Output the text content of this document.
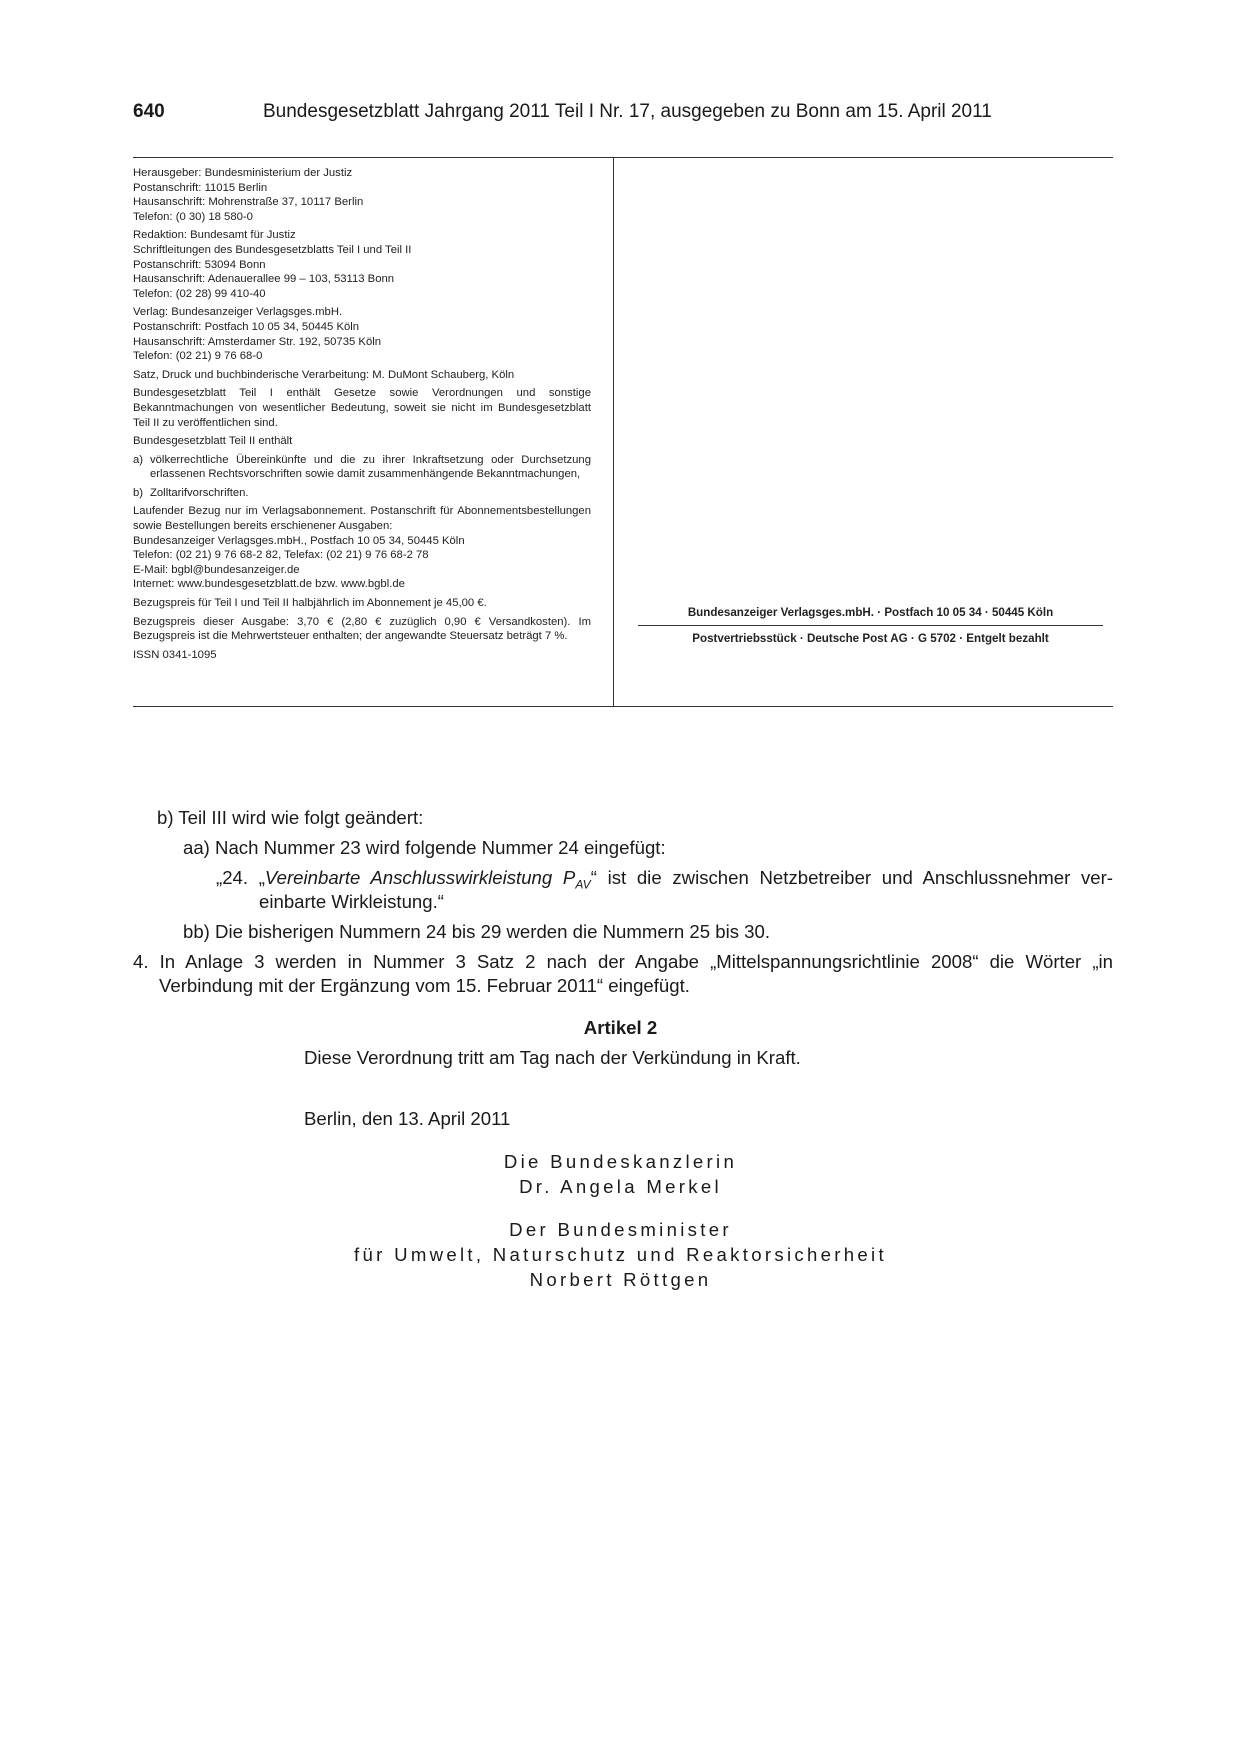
640	Bundesgesetzblatt Jahrgang 2011 Teil I Nr. 17, ausgegeben zu Bonn am 15. April 2011

Herausgeber: Bundesministerium der Justiz
Postanschrift: 11015 Berlin
Hausanschrift: Mohrenstraße 37, 10117 Berlin
Telefon: (0 30) 18 580-0

Redaktion: Bundesamt für Justiz
Schriftleitungen des Bundesgesetzblatts Teil I und Teil II
Postanschrift: 53094 Bonn
Hausanschrift: Adenauerallee 99 – 103, 53113 Bonn
Telefon: (02 28) 99 410-40

Verlag: Bundesanzeiger Verlagsges.mbH.
Postanschrift: Postfach 10 05 34, 50445 Köln
Hausanschrift: Amsterdamer Str. 192, 50735 Köln
Telefon: (02 21) 9 76 68-0

Satz, Druck und buchbinderische Verarbeitung: M. DuMont Schauberg, Köln

Bundesgesetzblatt Teil I enthält Gesetze sowie Verordnungen und sonstige Bekanntmachungen von wesentlicher Bedeutung, soweit sie nicht im Bundesgesetzblatt Teil II zu veröffentlichen sind.

Bundesgesetzblatt Teil II enthält

a) völkerrechtliche Übereinkünfte und die zu ihrer Inkraftsetzung oder Durchsetzung erlassenen Rechtsvorschriften sowie damit zusammenhängende Bekanntmachungen,
b) Zolltarifvorschriften.

Laufender Bezug nur im Verlagsabonnement. Postanschrift für Abonnementsbestellungen sowie Bestellungen bereits erschienener Ausgaben:
Bundesanzeiger Verlagsges.mbH., Postfach 10 05 34, 50445 Köln
Telefon: (02 21) 9 76 68-2 82, Telefax: (02 21) 9 76 68-2 78
E-Mail: bgbl@bundesanzeiger.de
Internet: www.bundesgesetzblatt.de bzw. www.bgbl.de

Bezugspreis für Teil I und Teil II halbjährlich im Abonnement je 45,00 €.

Bezugspreis dieser Ausgabe: 3,70 € (2,80 € zuzüglich 0,90 € Versandkosten). Im Bezugspreis ist die Mehrwertsteuer enthalten; der angewandte Steuersatz beträgt 7 %.

ISSN 0341-1095

Bundesanzeiger Verlagsges.mbH. · Postfach 10 05 34 · 50445 Köln
Postvertriebsstück · Deutsche Post AG · G 5702 · Entgelt bezahlt
b) Teil III wird wie folgt geändert:
aa) Nach Nummer 23 wird folgende Nummer 24 eingefügt:
„24. „Vereinbarte Anschlusswirkleistung $P_{AV}“$ ist die zwischen Netzbetreiber und Anschlussnehmer ver-
einbarte Wirkleistung.“
bb) Die bisherigen Nummern 24 bis 29 werden die Nummern 25 bis 30.
4. In Anlage 3 werden in Nummer 3 Satz 2 nach der Angabe „Mittelspannungsrichtlinie 2008“ die Wörter „in
Verbindung mit der Ergänzung vom 15. Februar 2011“ eingefügt.
Artikel 2
Diese Verordnung tritt am Tag nach der Verkündung in Kraft.
Berlin, den 13. April 2011
Die Bundeskanzlerin
Dr. Angela Merkel
Der Bundesminister
für Umwelt, Naturschutz und Reaktorsicherheit
Norbert Röttgen
